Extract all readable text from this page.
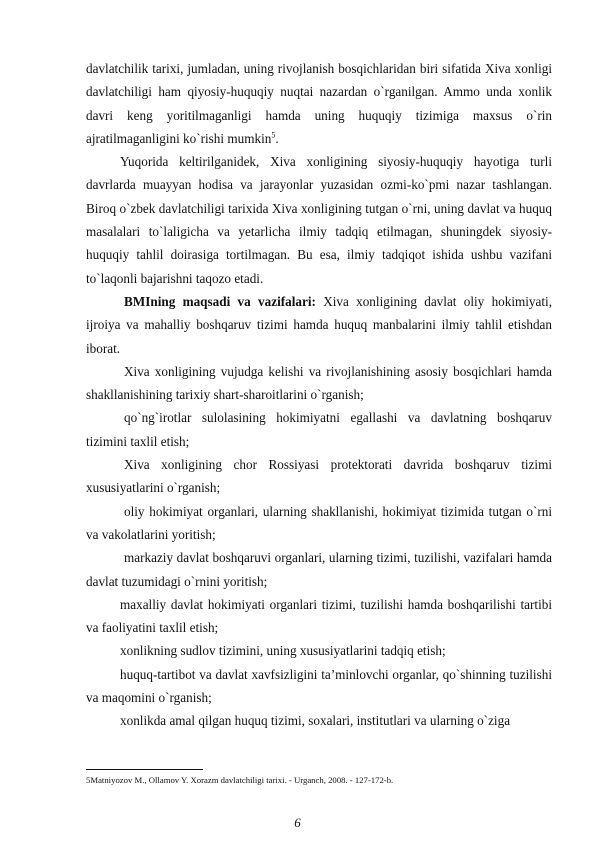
davlatchilik tarixi, jumladan, uning rivojlanish bosqichlaridan biri sifatida Xiva xonligi davlatchiligi ham qiyosiy-huquqiy nuqtai nazardan o`rganilgan. Ammo unda xonlik davri keng yoritilmaganligi hamda uning huquqiy tizimiga maxsus o`rin ajratilmaganligini ko`rishi mumkin$^5$.

Yuqorida keltirilganidek, Xiva xonligining siyosiy-huquqiy hayotiga turli davrlarda muayyan hodisa va jarayonlar yuzasidan ozmi-ko`pmi nazar tashlangan. Biroq o`zbek davlatchiligi tarixida Xiva xonligining tutgan o`rni, uning davlat va huquq masalalari to`laligicha va yetarlicha ilmiy tadqiq etilmagan, shuningdek siyosiy-huquqiy tahlil doirasiga tortilmagan. Bu esa, ilmiy tadqiqot ishida ushbu vazifani to`laqonli bajarishni taqozo etadi.

BMIning maqsadi va vazifalari: Xiva xonligining davlat oliy hokimiyati, ijroiya va mahalliy boshqaruv tizimi hamda huquq manbalarini ilmiy tahlil etishdan iborat.

Xiva xonligining vujudga kelishi va rivojlanishining asosiy bosqichlari hamda shakllanishining tarixiy shart-sharoitlarini o`rganish;

qo`ng`irotlar sulolasining hokimiyatni egallashi va davlatning boshqaruv tizimini taxlil etish;

Xiva xonligining chor Rossiyasi protektorati davrida boshqaruv tizimi xususiyatlarini o`rganish;

oliy hokimiyat organlari, ularning shakllanishi, hokimiyat tizimida tutgan o`rni va vakolatlarini yoritish;

markaziy davlat boshqaruvi organlari, ularning tizimi, tuzilishi, vazifalari hamda davlat tuzumidagi o`rnini yoritish;

maxalliy davlat hokimiyati organlari tizimi, tuzilishi hamda boshqarilishi tartibi va faoliyatini taxlil etish;

xonlikning sudlov tizimini, uning xususiyatlarini tadqiq etish;

huquq-tartibot va davlat xavfsizligini ta’minlovchi organlar, qo`shinning tuzilishi va maqomini o`rganish;

xonlikda amal qilgan huquq tizimi, soxalari, institutlari va ularning o`ziga

5Matniyozov M., Ollamov Y. Xorazm davlatchiligi tarixi. - Urganch, 2008. - 127-172-b.
6
